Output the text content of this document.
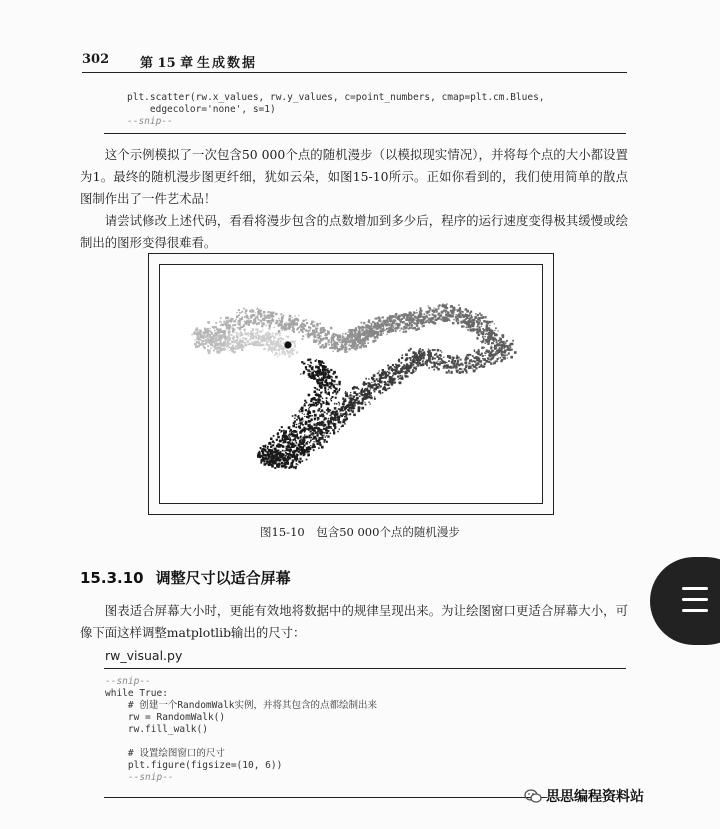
302 第 15 章 生成数据
plt.scatter(rw.x_values, rw.y_values, c=point_numbers, cmap=plt.cm.Blues,
edgecolor='none', s=1)
--snip--

这个示例模拟了一次包含50 000个点的随机漫步（以模拟现实情况），并将每个点的大小都设置为1。最终的随机漫步图更纤细，犹如云朵，如图15-10所示。正如你看到的，我们使用简单的散点图制作出了一件艺术品！

请尝试修改上述代码，看看将漫步包含的点数增加到多少后，程序的运行速度变得极其缓慢或绘制出的图形变得很难看。

图15-10　包含50 000个点的随机漫步
15.3.10 调整尺寸以适合屏幕

图表适合屏幕大小时，更能有效地将数据中的规律呈现出来。为让绘图窗口更适合屏幕大小，可像下面这样调整matplotlib输出的尺寸：

rw_visual.py
--snip--
while True:
# 创建一个RandomWalk实例，并将其包含的点都绘制出来
rw = RandomWalk()
rw.fill_walk()

# 设置绘图窗口的尺寸
plt.figure(figsize=(10, 6))
--snip--
思思编程资料站
